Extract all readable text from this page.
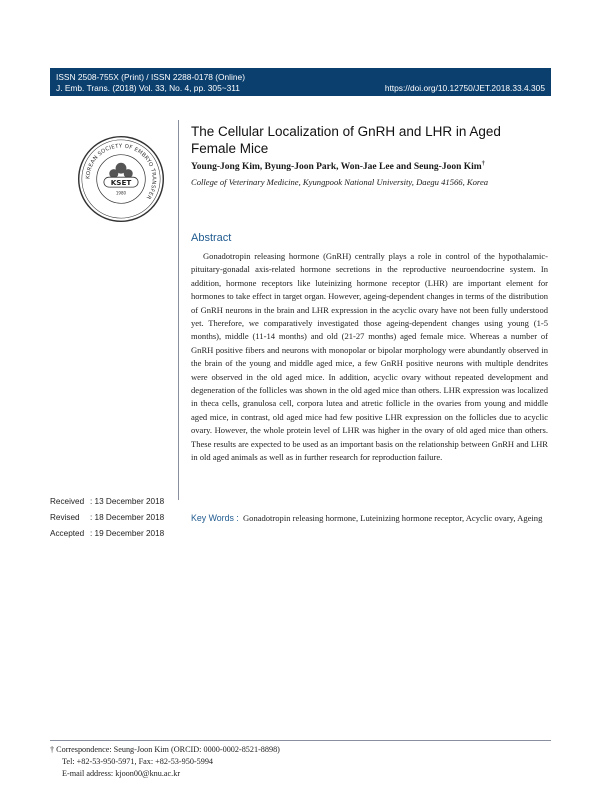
ISSN 2508-755X (Print) / ISSN 2288-0178 (Online)
J. Emb. Trans. (2018) Vol. 33, No. 4, pp. 305~311	https://doi.org/10.12750/JET.2018.33.4.305
KOREAN SOCIETY OF EMBRYO TRANSFER
KSET
1980
The Cellular Localization of GnRH and LHR in Aged Female Mice
Young-Jong Kim, Byung-Joon Park, Won-Jae Lee and Seung-Joon Kim†
College of Veterinary Medicine, Kyungpook National University, Daegu 41566, Korea
Abstract

Gonadotropin releasing hormone (GnRH) centrally plays a role in control of the hypothalamic-pituitary-gonadal axis-related hormone secretions in the reproductive neuroendocrine system. In addition, hormone receptors like luteinizing hormone receptor (LHR) are important element for hormones to take effect in target organ. However, ageing-dependent changes in terms of the distribution of GnRH neurons in the brain and LHR expression in the acyclic ovary have not been fully understood yet. Therefore, we comparatively investigated those ageing-dependent changes using young (1-5 months), middle (11-14 months) and old (21-27 months) aged female mice. Whereas a number of GnRH positive fibers and neurons with monopolar or bipolar morphology were abundantly observed in the brain of the young and middle aged mice, a few GnRH positive neurons with multiple dendrites were observed in the old aged mice. In addition, acyclic ovary without repeated development and degeneration of the follicles was shown in the old aged mice than others. LHR expression was localized in theca cells, granulosa cell, corpora lutea and atretic follicle in the ovaries from young and middle aged mice, in contrast, old aged mice had few positive LHR expression on the follicles due to acyclic ovary. However, the whole protein level of LHR was higher in the ovary of old aged mice than others. These results are expected to be used as an important basis on the relationship between GnRH and LHR in old aged animals as well as in further research for reproduction failure.

Received : 13 December 2018
Revised	: 18 December 2018
Accepted : 19 December 2018
Key Words : Gonadotropin releasing hormone, Luteinizing hormone receptor, Acyclic ovary, Ageing
† Correspondence: Seung-Joon Kim (ORCID: 0000-0002-8521-8898)
Tel: +82-53-950-5971, Fax: +82-53-950-5994
E-mail address: kjoon00@knu.ac.kr
